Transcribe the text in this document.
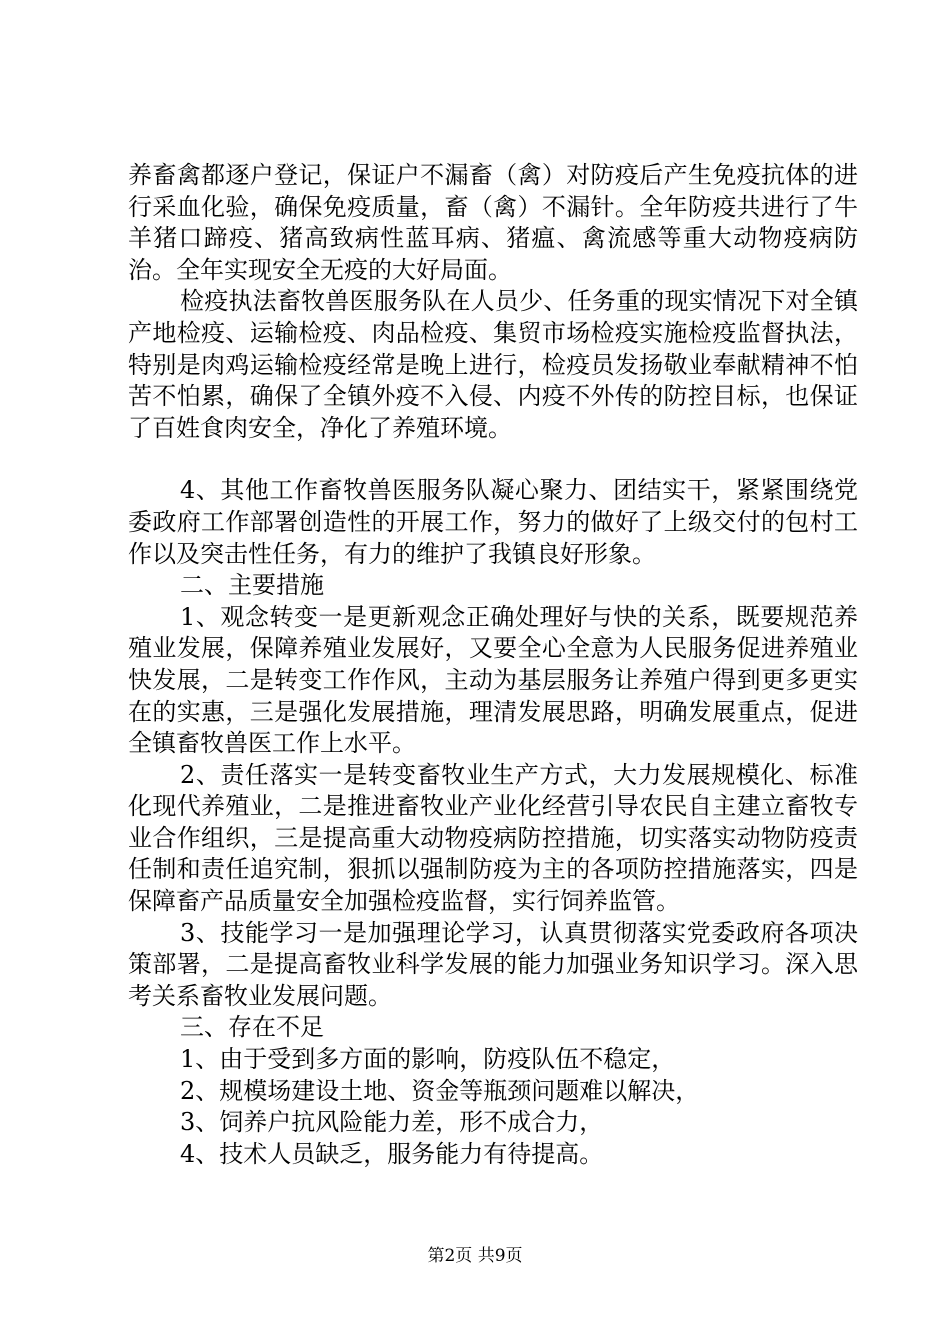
养畜禽都逐户登记，保证户不漏畜（禽）对防疫后产生免疫抗体的进行采血化验，确保免疫质量，畜（禽）不漏针。全年防疫共进行了牛羊猪口蹄疫、猪高致病性蓝耳病、猪瘟、禽流感等重大动物疫病防治。全年实现安全无疫的大好局面。

检疫执法畜牧兽医服务队在人员少、任务重的现实情况下对全镇产地检疫、运输检疫、肉品检疫、集贸市场检疫实施检疫监督执法，特别是肉鸡运输检疫经常是晚上进行，检疫员发扬敬业奉献精神不怕苦不怕累，确保了全镇外疫不入侵、内疫不外传的防控目标，也保证了百姓食肉安全，净化了养殖环境。

4、其他工作畜牧兽医服务队凝心聚力、团结实干，紧紧围绕党委政府工作部署创造性的开展工作，努力的做好了上级交付的包村工作以及突击性任务，有力的维护了我镇良好形象。

二、主要措施

1、观念转变一是更新观念正确处理好与快的关系，既要规范养殖业发展，保障养殖业发展好，又要全心全意为人民服务促进养殖业快发展，二是转变工作作风，主动为基层服务让养殖户得到更多更实在的实惠，三是强化发展措施，理清发展思路，明确发展重点，促进全镇畜牧兽医工作上水平。

2、责任落实一是转变畜牧业生产方式，大力发展规模化、标准化现代养殖业，二是推进畜牧业产业化经营引导农民自主建立畜牧专业合作组织，三是提高重大动物疫病防控措施，切实落实动物防疫责任制和责任追究制，狠抓以强制防疫为主的各项防控措施落实，四是保障畜产品质量安全加强检疫监督，实行饲养监管。

3、技能学习一是加强理论学习，认真贯彻落实党委政府各项决策部署，二是提高畜牧业科学发展的能力加强业务知识学习。深入思考关系畜牧业发展问题。

三、存在不足

1、由于受到多方面的影响，防疫队伍不稳定，

2、规模场建设土地、资金等瓶颈问题难以解决，

3、饲养户抗风险能力差，形不成合力，

4、技术人员缺乏，服务能力有待提高。

第2页 共9页
